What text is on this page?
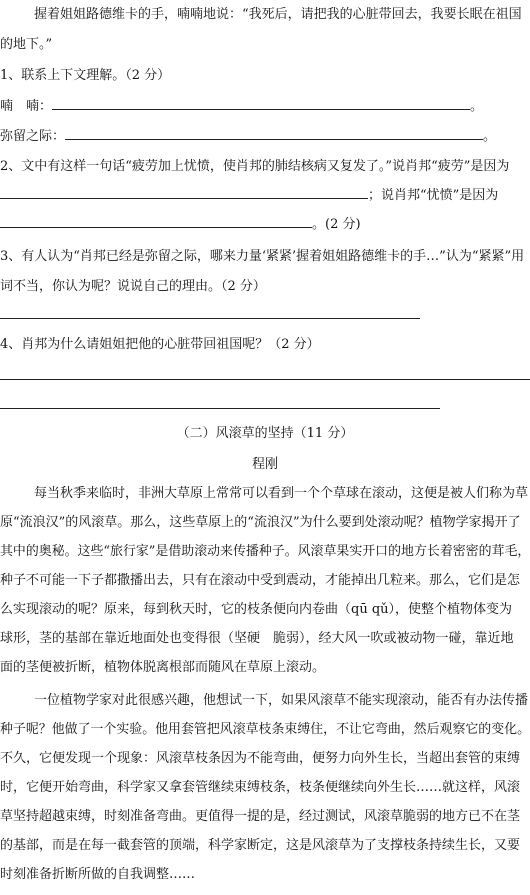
握着姐姐路德维卡的手，喃喃地说：“我死后，请把我的心脏带回去，我要长眠在祖国
的地下。”
1、联系上下文理解。（2 分）
喃　喃：	。
弥留之际：	。
2、文中有这样一句话“疲劳加上忧愤，使肖邦的肺结核病又复发了。”说肖邦“疲劳”是因为
；说肖邦“忧愤”是因为
。(2 分)
3、有人认为“肖邦已经是弥留之际，哪来力量‘紧紧’握着姐姐路德维卡的手…”认为“紧紧”用
词不当，你认为呢？说说自己的理由。（2 分）
4、肖邦为什么请姐姐把他的心脏带回祖国呢？（2 分）
（二）风滚草的坚持（11 分）
程刚
每当秋季来临时，非洲大草原上常常可以看到一个个草球在滚动，这便是被人们称为草
原“流浪汉”的风滚草。那么，这些草原上的“流浪汉”为什么要到处滚动呢？植物学家揭开了
其中的奥秘。这些“旅行家”是借助滚动来传播种子。风滚草果实开口的地方长着密密的茸毛，
种子不可能一下子都撒播出去，只有在滚动中受到震动，才能掉出几粒来。那么，它们是怎
么实现滚动的呢？原来，每到秋天时，它的枝条便向内卷曲（qū qǔ），使整个植物体变为
球形，茎的基部在靠近地面处也变得很（坚硬　脆弱），经大风一吹或被动物一碰，靠近地
面的茎便被折断，植物体脱离根部而随风在草原上滚动。
一位植物学家对此很感兴趣，他想试一下，如果风滚草不能实现滚动，能否有办法传播
种子呢？他做了一个实验。他用套管把风滚草枝条束缚住，不让它弯曲，然后观察它的变化。
不久，它便发现一个现象：风滚草枝条因为不能弯曲，便努力向外生长，当超出套管的束缚
时，它便开始弯曲，科学家又拿套管继续束缚枝条，枝条便继续向外生长……就这样，风滚
草坚持超越束缚，时刻准备弯曲。更值得一提的是，经过测试，风滚草脆弱的地方已不在茎
的基部，而是在每一截套管的顶端，科学家断定，这是风滚草为了支撑枝条持续生长，又要
时刻准备折断所做的自我调整……
